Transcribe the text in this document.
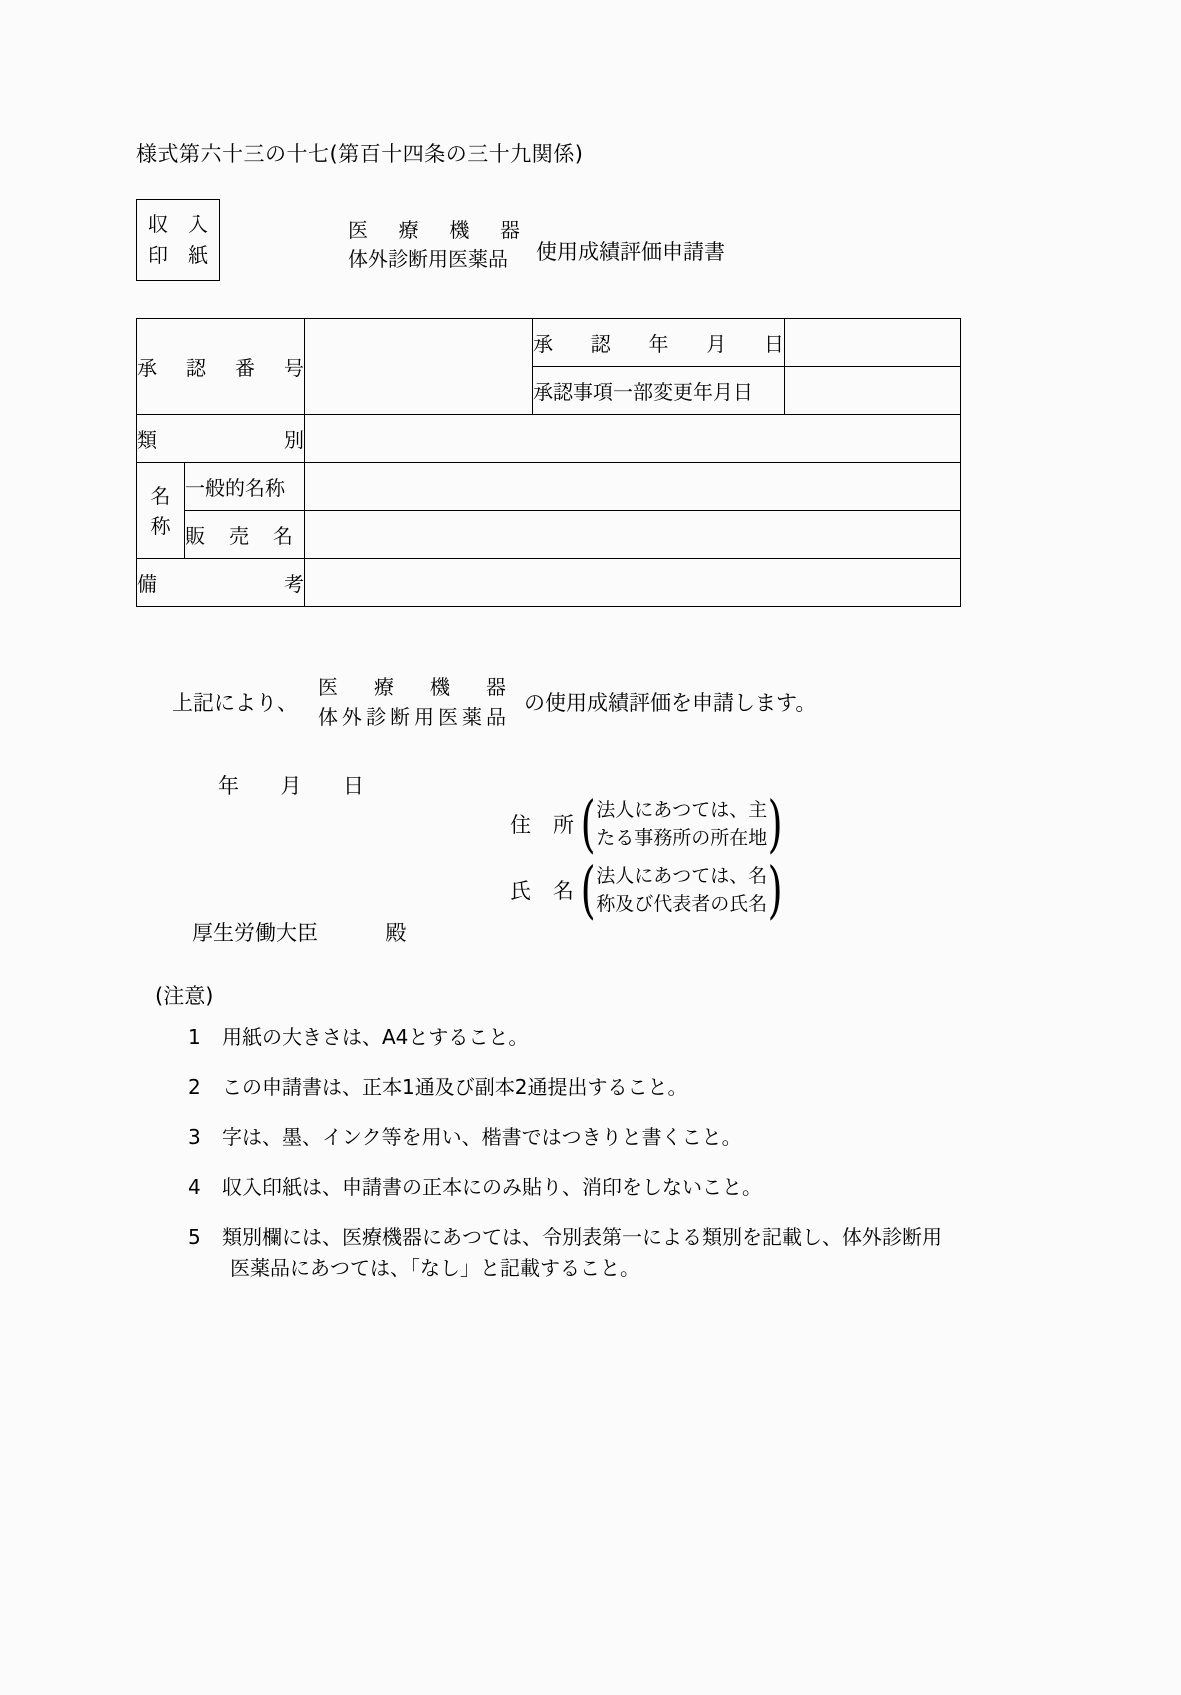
様式第六十三の十七(第百十四条の三十九関係)
収 入
印 紙
医 療 機 器
体外診断用医薬品	使用成績評価申請書
承 認 番 号			承 認 年 月 日	

			承認事項一部変更年月日	

類 別				

名
称	一般的名称			

	販 売 名			

備 考				

上記により、
医 療 機 器
体 外 診 断 用 医 薬 品
の使用成績評価を申請します。
年 月 日
住 所 ( 法人にあつては、主
たる事務所の所在地 )
氏 名 ( 法人にあつては、名
称及び代表者の氏名 )
厚生労働大臣	殿
(注意)
1	用紙の大きさは、A4とすること。
2	この申請書は、正本1通及び副本2通提出すること。
3	字は、墨、インク等を用い、楷書ではつきりと書くこと。
4	収入印紙は、申請書の正本にのみ貼り、消印をしないこと。
5	類別欄には、医療機器にあつては、令別表第一による類別を記載し、体外診断用
医薬品にあつては、「なし」と記載すること。
